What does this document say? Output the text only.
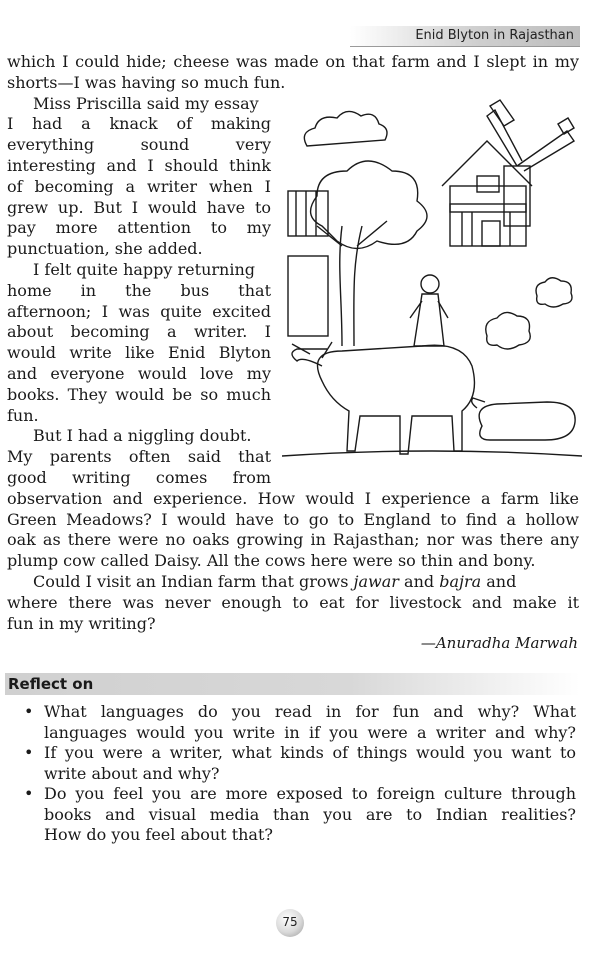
Enid Blyton in Rajasthan
which I could hide; cheese was made on that farm and I slept in my
shorts—I was having so much fun.
Miss Priscilla said my essay
I had a knack of making
everything sound very
interesting and I should think
of becoming a writer when I
grew up. But I would have to
pay more attention to my
punctuation, she added.
I felt quite happy returning
home in the bus that
afternoon; I was quite excited
about becoming a writer. I
would write like Enid Blyton
and everyone would love my
books. They would be so much
fun.
But I had a niggling doubt.
My parents often said that
good writing comes from
observation and experience. How would I experience a farm like
Green Meadows? I would have to go to England to find a hollow
oak as there were no oaks growing in Rajasthan; nor was there any
plump cow called Daisy. All the cows here were so thin and bony.
Could I visit an Indian farm that grows jawar and bajra and
where there was never enough to eat for livestock and make it
fun in my writing?
—Anuradha Marwah
Reflect on
• What languages do you read in for fun and why? What
languages would you write in if you were a writer and why?
• If you were a writer, what kinds of things would you want to
write about and why?
• Do you feel you are more exposed to foreign culture through
books and visual media than you are to Indian realities?
How do you feel about that?
75
